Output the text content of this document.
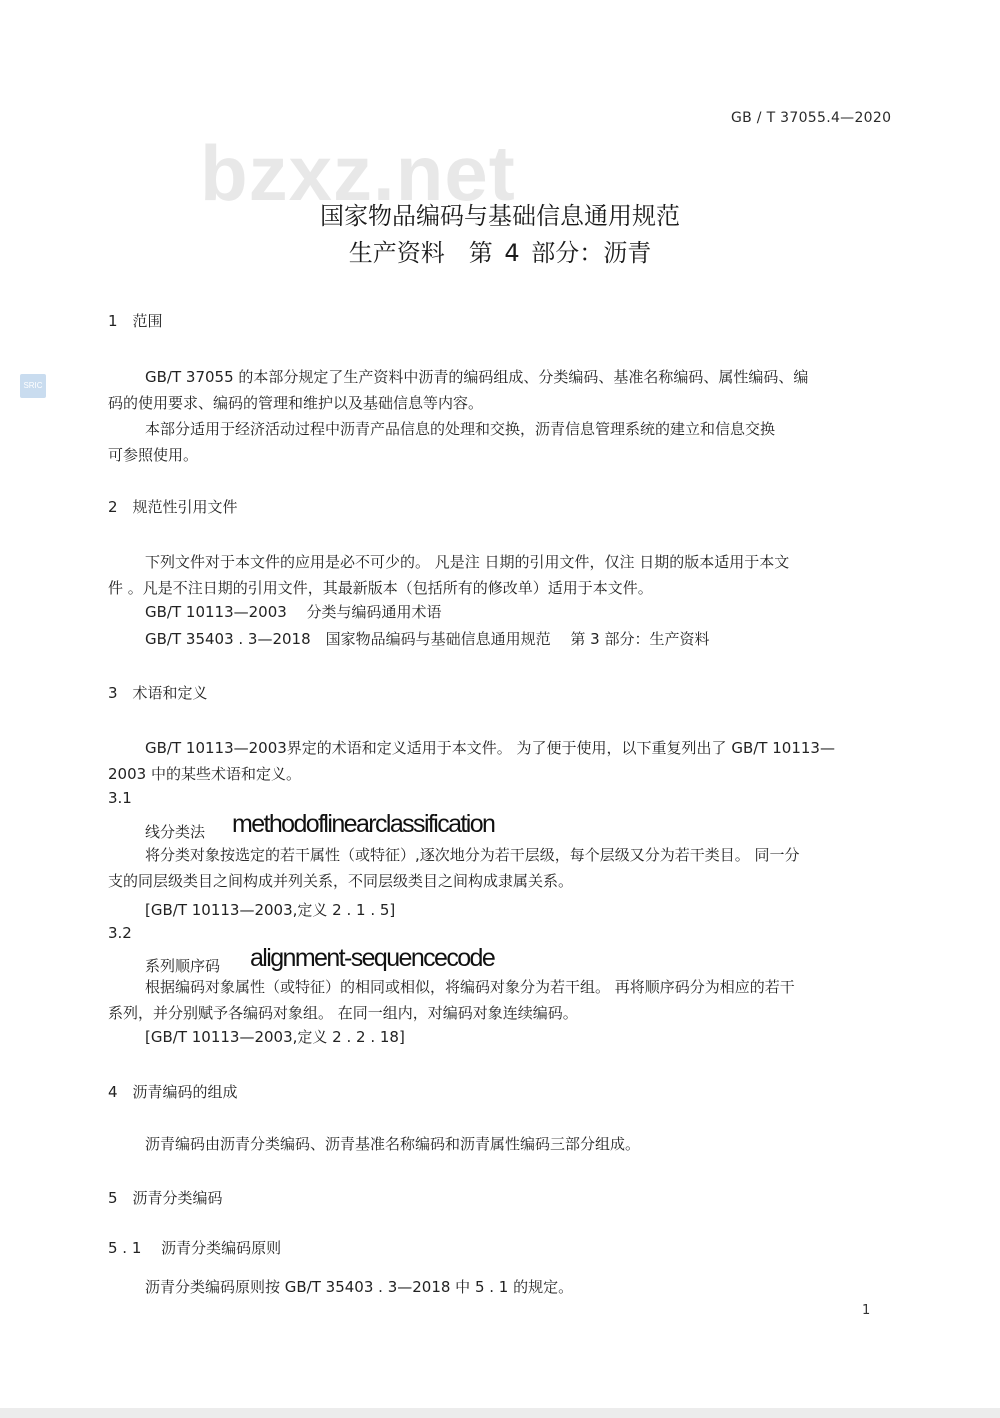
bzxz.net
SRIC
GB / T 37055.4—2020
国家物品编码与基础信息通用规范
生产资料　第 4 部分：沥青
1　范围
GB/T 37055 的本部分规定了生产资料中沥青的编码组成、分类编码、基准名称编码、属性编码、编
码的使用要求、编码的管理和维护以及基础信息等内容。
本部分适用于经济活动过程中沥青产品信息的处理和交换，沥青信息管理系统的建立和信息交换
可参照使用。
2　规范性引用文件
下列文件对于本文件的应用是必不可少的。 凡是注 日期的引用文件，仅注 日期的版本适用于本文
件 。凡是不注日期的引用文件，其最新版本（包括所有的修改单）适用于本文件。
GB/T 10113—2003　 分类与编码通用术语
GB/T 35403 . 3—2018　国家物品编码与基础信息通用规范　 第 3 部分：生产资料
3　术语和定义
GB/T 10113—2003界定的术语和定义适用于本文件。 为了便于使用，以下重复列出了 GB/T 10113—
2003 中的某些术语和定义。
3.1
线分类法 methodoflinearclassification
将分类对象按选定的若干属性（或特征）,逐次地分为若干层级，每个层级又分为若干类目。 同一分
支的同层级类目之间构成并列关系，不同层级类目之间构成隶属关系。
[GB/T 10113—2003,定义 2 . 1 . 5]
3.2
系列顺序码 alignment-sequencecode
根据编码对象属性（或特征）的相同或相似，将编码对象分为若干组。 再将顺序码分为相应的若干
系列，并分别赋予各编码对象组。 在同一组内，对编码对象连续编码。
[GB/T 10113—2003,定义 2 . 2 . 18]
4　沥青编码的组成
沥青编码由沥青分类编码、沥青基准名称编码和沥青属性编码三部分组成。
5　沥青分类编码
5 . 1　 沥青分类编码原则
沥青分类编码原则按 GB/T 35403 . 3—2018 中 5 . 1 的规定。
1
